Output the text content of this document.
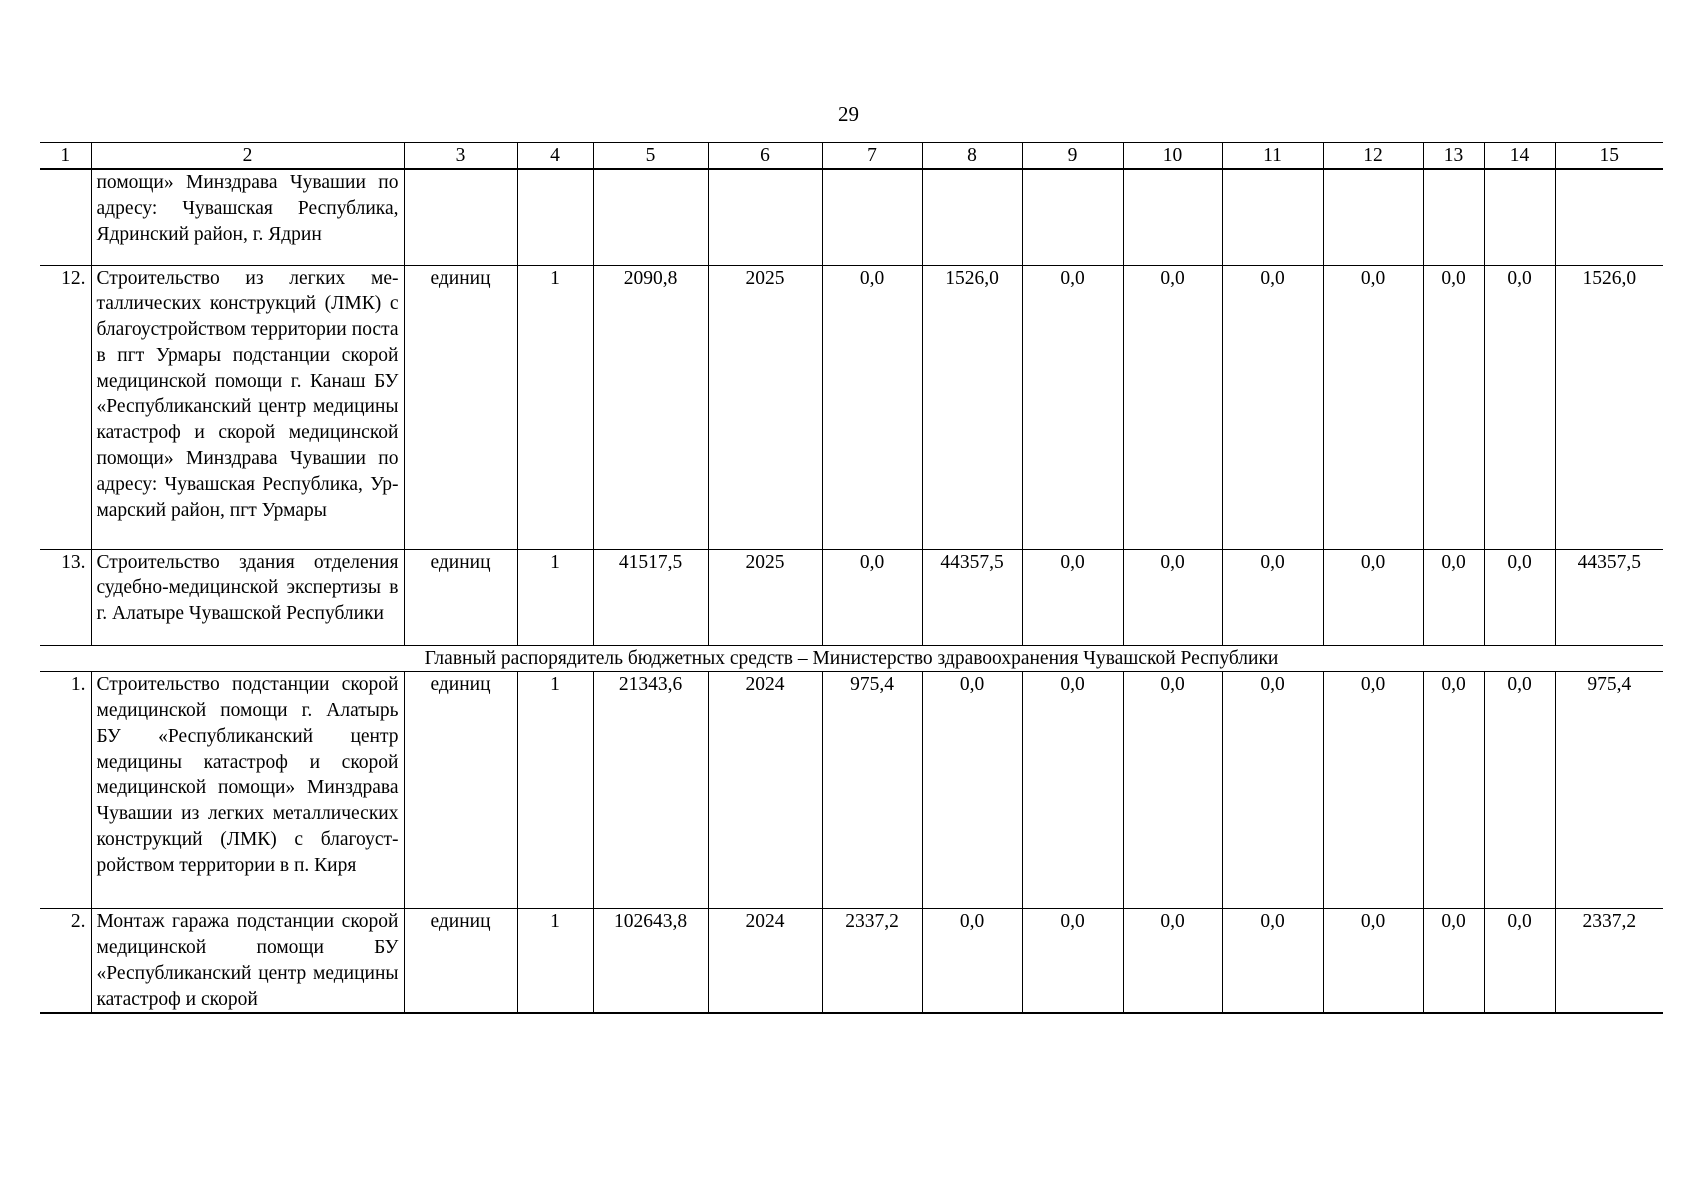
29
1	2	3	4	5	6	7	8	9	10	11	12	13	14	15
	помощи» Минздрава Чувашии по адресу: Чувашская Республика, Ядринский район, г. Ядрин													
12.	Строительство из легких металлических конструкций (ЛМК) с благоустройством территории поста в пгт Урмары подстанции скорой медицинской помощи г. Канаш БУ «Республиканский центр медицины катастроф и скорой медицинской помощи» Минздрава Чувашии по адресу: Чувашская Республика, Урмарский район, пгт Урмары	единиц	1	2090,8	2025	0,0	1526,0	0,0	0,0	0,0	0,0	0,0	0,0	1526,0
13.	Строительство здания отделения судебно-медицинской экспертизы в г. Алатыре Чувашской Республики	единиц	1	41517,5	2025	0,0	44357,5	0,0	0,0	0,0	0,0	0,0	0,0	44357,5
Главный распорядитель бюджетных средств – Министерство здравоохранения Чувашской Республики														
1.	Строительство подстанции скорой медицинской помощи г. Алатырь БУ «Республиканский центр медицины катастроф и скорой медицинской помощи» Минздрава Чувашии из легких металлических конструкций (ЛМК) с благоустройством территории в п. Киря	единиц	1	21343,6	2024	975,4	0,0	0,0	0,0	0,0	0,0	0,0	0,0	975,4
2.	Монтаж гаража подстанции скорой медицинской помощи БУ «Республиканский центр медицины катастроф и скорой	единиц	1	102643,8	2024	2337,2	0,0	0,0	0,0	0,0	0,0	0,0	0,0	2337,2
